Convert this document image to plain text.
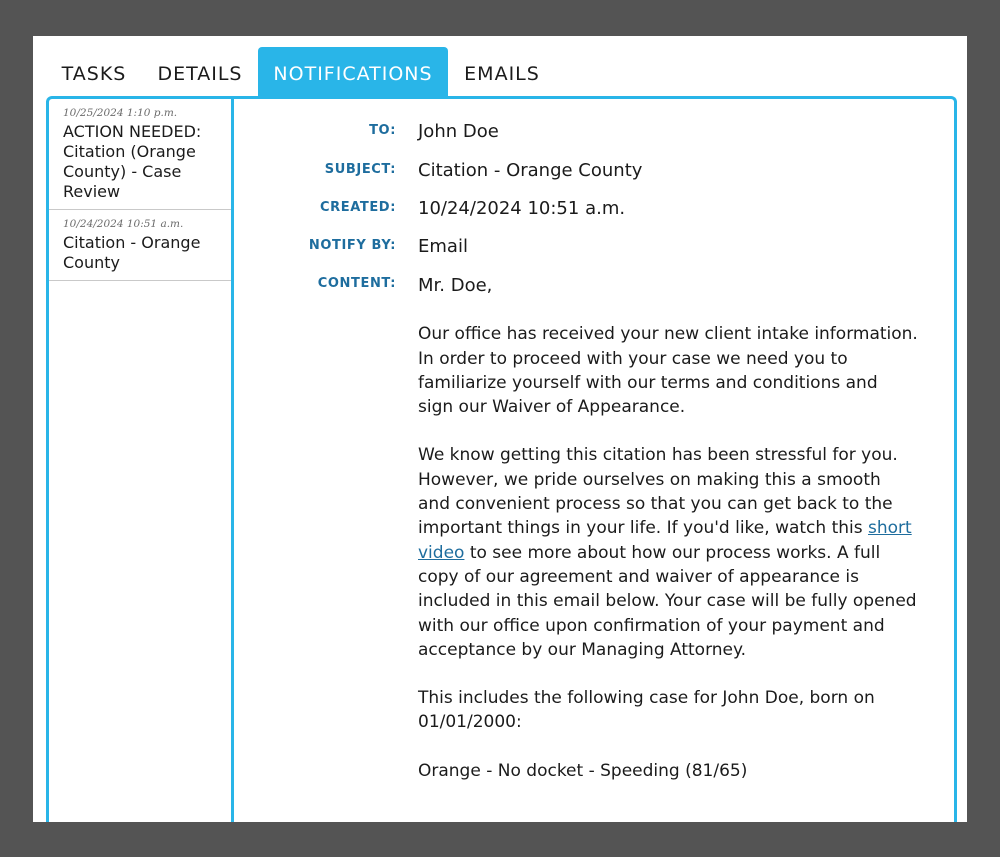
TASKS	DETAILS	NOTIFICATIONS	EMAILS
10/25/2024 1:10 p.m.
ACTION NEEDED: Citation (Orange County) - Case Review
10/24/2024 10:51 a.m.
Citation - Orange County
TO: John Doe
SUBJECT: Citation - Orange County
CREATED: 10/24/2024 10:51 a.m.
NOTIFY BY: Email
CONTENT: Mr. Doe,

Our office has received your new client intake information. In order to proceed with your case we need you to familiarize yourself with our terms and conditions and sign our Waiver of Appearance.

We know getting this citation has been stressful for you. However, we pride ourselves on making this a smooth and convenient process so that you can get back to the important things in your life. If you'd like, watch this short video to see more about how our process works. A full copy of our agreement and waiver of appearance is included in this email below. Your case will be fully opened with our office upon confirmation of your payment and acceptance by our Managing Attorney.

This includes the following case for John Doe, born on 01/01/2000:

Orange - No docket - Speeding (81/65)
